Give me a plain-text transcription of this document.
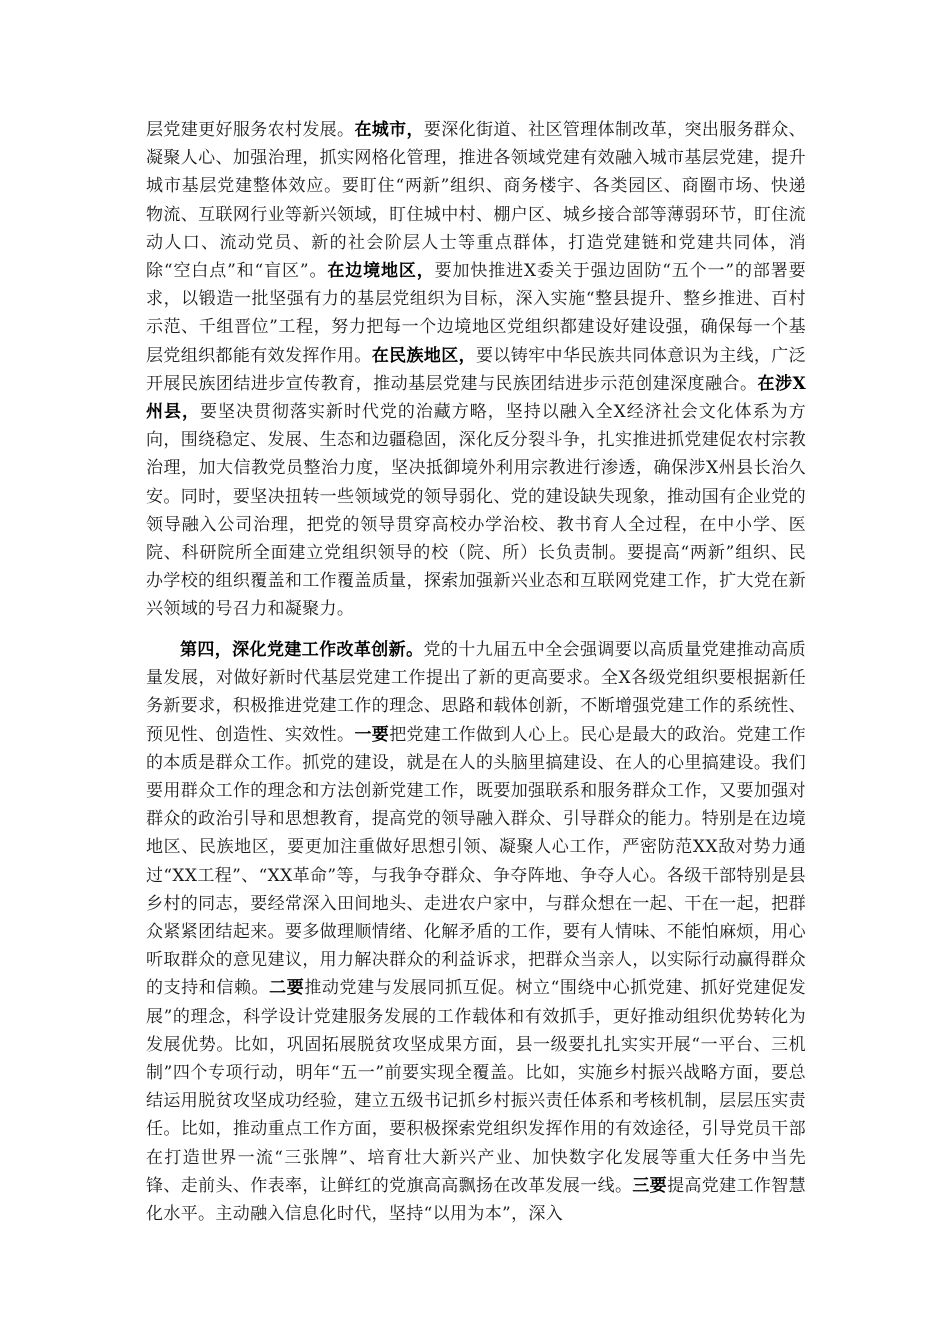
层党建更好服务农村发展。在城市，要深化街道、社区管理体制改革，突出服务群众、凝聚人心、加强治理，抓实网格化管理，推进各领域党建有效融入城市基层党建，提升城市基层党建整体效应。要盯住“两新”组织、商务楼宇、各类园区、商圈市场、快递物流、互联网行业等新兴领域，盯住城中村、棚户区、城乡接合部等薄弱环节，盯住流动人口、流动党员、新的社会阶层人士等重点群体，打造党建链和党建共同体，消除“空白点”和“盲区”。在边境地区，要加快推进X委关于强边固防“五个一”的部署要求，以锻造一批坚强有力的基层党组织为目标，深入实施“整县提升、整乡推进、百村示范、千组晋位”工程，努力把每一个边境地区党组织都建设好建设强，确保每一个基层党组织都能有效发挥作用。在民族地区，要以铸牢中华民族共同体意识为主线，广泛开展民族团结进步宣传教育，推动基层党建与民族团结进步示范创建深度融合。在涉X州县，要坚决贯彻落实新时代党的治藏方略，坚持以融入全X经济社会文化体系为方向，围绕稳定、发展、生态和边疆稳固，深化反分裂斗争，扎实推进抓党建促农村宗教治理，加大信教党员整治力度，坚决抵御境外利用宗教进行渗透，确保涉X州县长治久安。同时，要坚决扭转一些领域党的领导弱化、党的建设缺失现象，推动国有企业党的领导融入公司治理，把党的领导贯穿高校办学治校、教书育人全过程，在中小学、医院、科研院所全面建立党组织领导的校（院、所）长负责制。要提高“两新”组织、民办学校的组织覆盖和工作覆盖质量，探索加强新兴业态和互联网党建工作，扩大党在新兴领域的号召力和凝聚力。
第四，深化党建工作改革创新。党的十九届五中全会强调要以高质量党建推动高质量发展，对做好新时代基层党建工作提出了新的更高要求。全X各级党组织要根据新任务新要求，积极推进党建工作的理念、思路和载体创新，不断增强党建工作的系统性、预见性、创造性、实效性。一要把党建工作做到人心上。民心是最大的政治。党建工作的本质是群众工作。抓党的建设，就是在人的头脑里搞建设、在人的心里搞建设。我们要用群众工作的理念和方法创新党建工作，既要加强联系和服务群众工作，又要加强对群众的政治引导和思想教育，提高党的领导融入群众、引导群众的能力。特别是在边境地区、民族地区，要更加注重做好思想引领、凝聚人心工作，严密防范XX敌对势力通过“XX工程”、“XX革命”等，与我争夺群众、争夺阵地、争夺人心。各级干部特别是县乡村的同志，要经常深入田间地头、走进农户家中，与群众想在一起、干在一起，把群众紧紧团结起来。要多做理顺情绪、化解矛盾的工作，要有人情味、不能怕麻烦，用心听取群众的意见建议，用力解决群众的利益诉求，把群众当亲人，以实际行动赢得群众的支持和信赖。二要推动党建与发展同抓互促。树立“围绕中心抓党建、抓好党建促发展”的理念，科学设计党建服务发展的工作载体和有效抓手，更好推动组织优势转化为发展优势。比如，巩固拓展脱贫攻坚成果方面，县一级要扎扎实实开展“一平台、三机制”四个专项行动，明年“五一”前要实现全覆盖。比如，实施乡村振兴战略方面，要总结运用脱贫攻坚成功经验，建立五级书记抓乡村振兴责任体系和考核机制，层层压实责任。比如，推动重点工作方面，要积极探索党组织发挥作用的有效途径，引导党员干部在打造世界一流“三张牌”、培育壮大新兴产业、加快数字化发展等重大任务中当先锋、走前头、作表率，让鲜红的党旗高高飘扬在改革发展一线。三要提高党建工作智慧化水平。主动融入信息化时代，坚持“以用为本”，深入
